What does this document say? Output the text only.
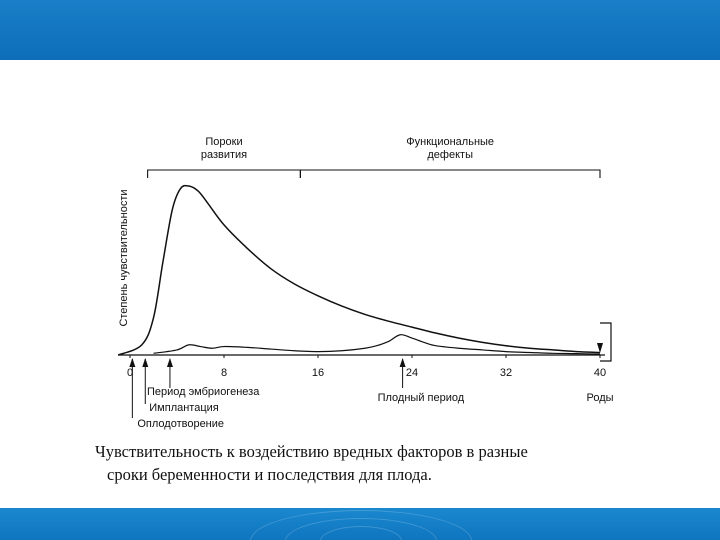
Пороки
развития
Функциональные
дефекты
0	8	16	24	32	40
Оплодотворение
Имплантация
Период эмбриогенеза	Плодный период	Роды
Степень чувствительности
Чувствительность к воздействию вредных факторов в разные
сроки беременности и последствия для плода.
